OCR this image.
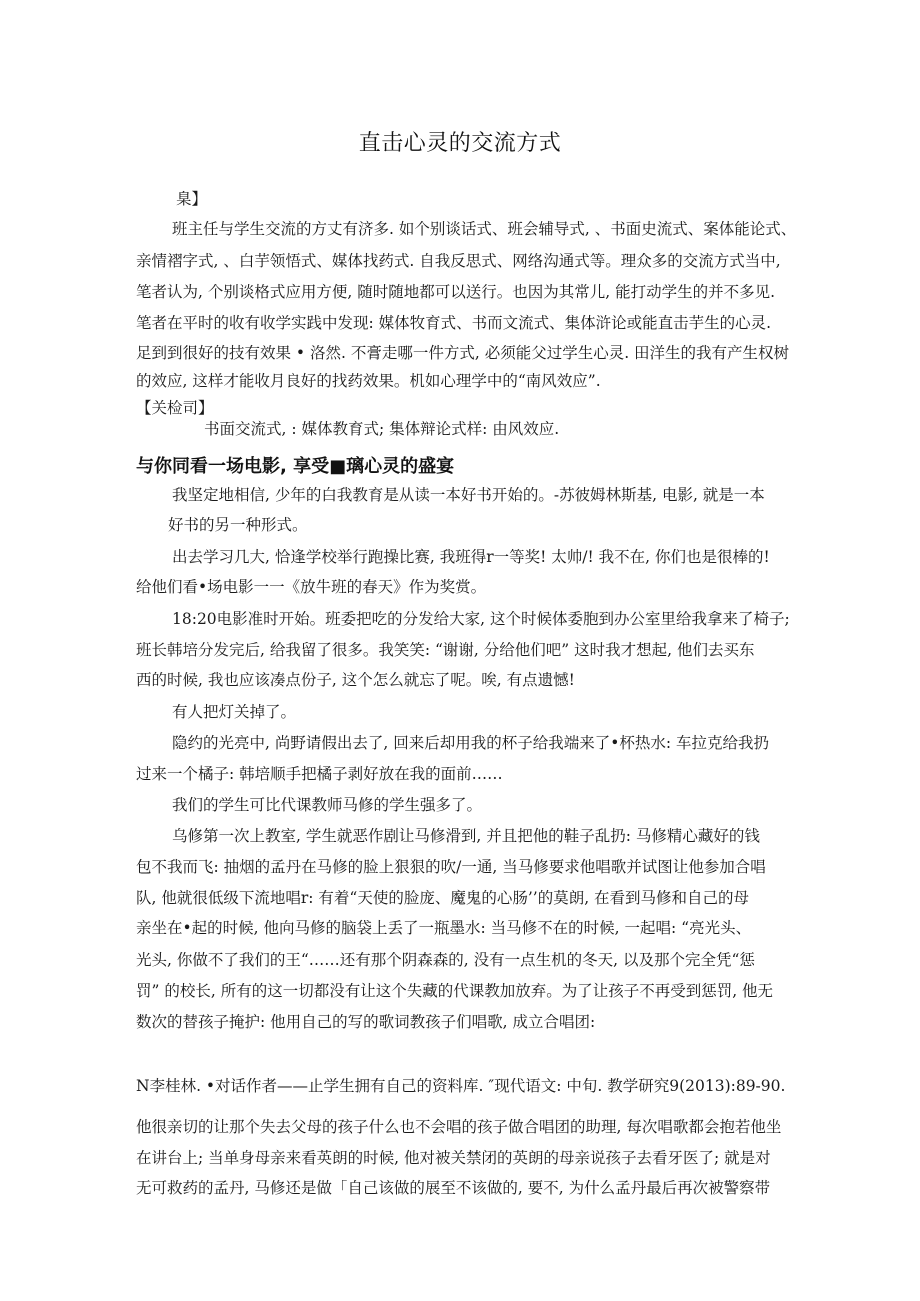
直击心灵的交流方式
臬】
班主任与学生交流的方丈有济多. 如个别谈话式、班会辅导式, 、书面史流式、案体能论式、
亲情褶字式, 、白芋领悟式、媒体找药式. 自我反思式、网络沟通式等。理众多的交流方式当中,
笔者认为, 个别谈格式应用方便, 随时随地都可以送行。也因为其常儿, 能打动学生的并不多见.
笔者在平时的收有收学实践中发现: 媒体牧育式、书而文流式、集体浒论或能直击芋生的心灵.
足到到很好的技有效果 • 洛然. 不膏走哪一件方式, 必须能父过学生心灵. 田洋生的我有产生权树
的效应, 这样才能收月良好的找药效果。机如心理学中的“南风效应”.
【关检司】
书面交流式, : 媒体教育式; 集体辩论式样: 由风效应.
与你同看一场电影, 享受■璃心灵的盛宴
我坚定地相信, 少年的白我教育是从读一本好书开始的。-苏彼姆林斯基, 电影, 就是一本
好书的另一种形式。
出去学习几大, 恰逢学校举行跑操比赛, 我班得r一等奖! 太帅/! 我不在, 你们也是很棒的!
给他们看•场电影一一《放牛班的春天》作为奖赏。
18:20电影准时开始。班委把吃的分发给大家, 这个时候体委胞到办公室里给我拿来了椅子;
班长韩培分发完后, 给我留了很多。我笑笑: “谢谢, 分给他们吧” 这时我才想起, 他们去买东
西的时候, 我也应该凑点份子, 这个怎么就忘了呢。唉, 有点遗憾!
有人把灯关掉了。
隐约的光亮中, 尚野请假出去了, 回来后却用我的杯子给我端来了•杯热水: 车拉克给我扔
过来一个橘子: 韩培顺手把橘子剥好放在我的面前……
我们的学生可比代课教师马修的学生强多了。
乌修第一次上教室, 学生就恶作剧让马修滑到, 并且把他的鞋子乱扔: 马修精心藏好的钱
包不我而飞: 抽烟的孟丹在马修的脸上狠狠的吹/一通, 当马修要求他唱歌并试图让他参加合唱
队, 他就很低级下流地唱r: 有着“天使的脸庞、魔鬼的心肠’’的莫朗, 在看到马修和自己的母
亲坐在•起的时候, 他向马修的脑袋上丢了一瓶墨水: 当马修不在的时候, 一起唱: “亮光头、
光头, 你做不了我们的王“……还有那个阴森森的, 没有一点生机的冬天, 以及那个完全凭“惩
罚” 的校长, 所有的这一切都没有让这个失藏的代课教加放弃。为了让孩子不再受到惩罚, 他无
数次的替孩子掩护: 他用自己的写的歌词教孩子们唱歌, 成立合唱团:
N李桂林. •对话作者——止学生拥有自己的资料库. ″现代语文: 中旬. 教学研究9(2013):89-90.
他很亲切的让那个失去父母的孩子什么也不会唱的孩子做合唱团的助理, 每次唱歌都会抱若他坐
在讲台上; 当单身母亲来看英朗的时候, 他对被关禁闭的英朗的母亲说孩子去看牙医了; 就是对
无可救药的孟丹, 马修还是做「自己该做的展至不该做的, 要不, 为什么孟丹最后再次被警察带
